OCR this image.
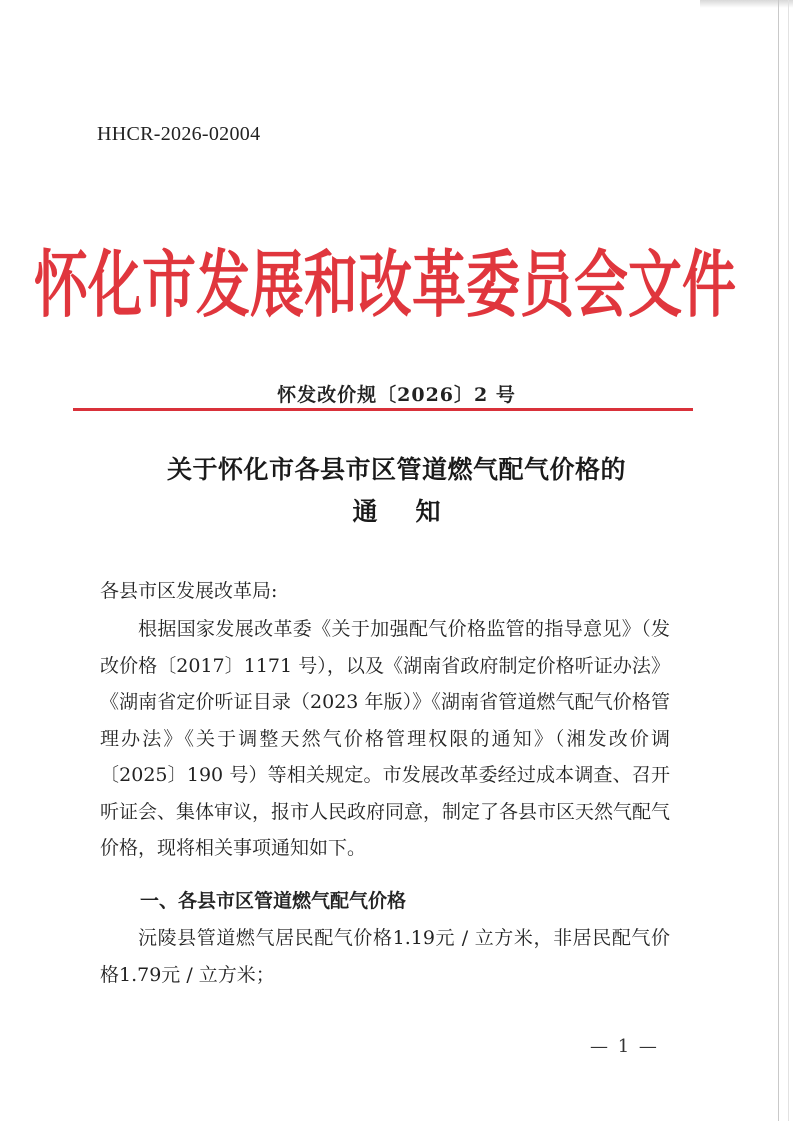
HHCR-2026-02004
怀化市发展和改革委员会文件
怀发改价规〔2026〕2 号
关于怀化市各县市区管道燃气配气价格的
通知
各县市区发展改革局:
根据国家发展改革委《关于加强配气价格监管的指导意见》（发改价格〔2017〕1171 号），以及《湖南省政府制定价格听证办法》《湖南省定价听证目录（2023 年版）》《湖南省管道燃气配气价格管理办法》《关于调整天然气价格管理权限的通知》（湘发改价调〔2025〕190 号）等相关规定。市发展改革委经过成本调查、召开听证会、集体审议，报市人民政府同意，制定了各县市区天然气配气价格，现将相关事项通知如下。
一、各县市区管道燃气配气价格
沅陵县管道燃气居民配气价格1.19元 / 立方米，非居民配气价格1.79元 / 立方米；
— 1 —
